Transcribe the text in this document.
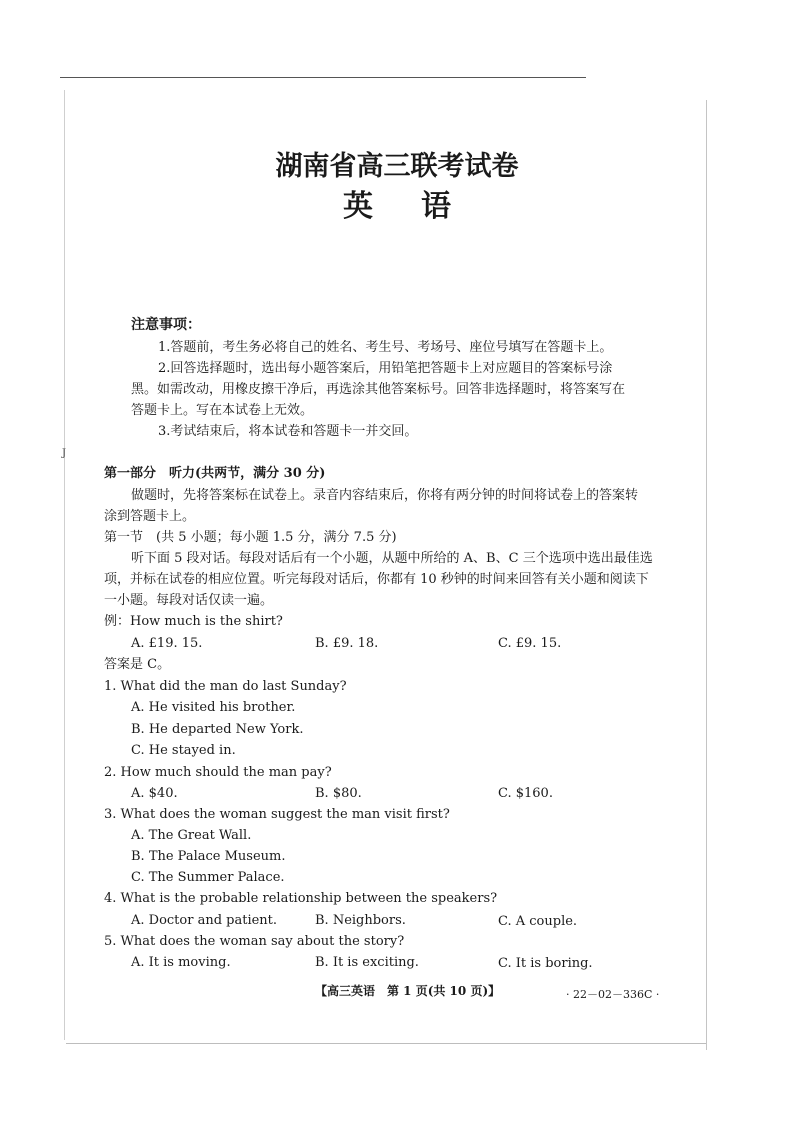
J
湖南省高三联考试卷
英语
注意事项：
1.答题前，考生务必将自己的姓名、考生号、考场号、座位号填写在答题卡上。
2.回答选择题时，选出每小题答案后，用铅笔把答题卡上对应题目的答案标号涂
黑。如需改动，用橡皮擦干净后，再选涂其他答案标号。回答非选择题时，将答案写在
答题卡上。写在本试卷上无效。
3.考试结束后，将本试卷和答题卡一并交回。
第一部分　听力(共两节，满分 30 分)
做题时，先将答案标在试卷上。录音内容结束后，你将有两分钟的时间将试卷上的答案转
涂到答题卡上。
第一节　(共 5 小题；每小题 1.5 分，满分 7.5 分)
听下面 5 段对话。每段对话后有一个小题，从题中所给的 A、B、C 三个选项中选出最佳选
项，并标在试卷的相应位置。听完每段对话后，你都有 10 秒钟的时间来回答有关小题和阅读下
一小题。每段对话仅读一遍。
例：How much is the shirt?
A. £19. 15.	B. £9. 18.	C. £9. 15.
答案是 C。
1. What did the man do last Sunday?
A. He visited his brother.
B. He departed New York.
C. He stayed in.
2. How much should the man pay?
A. $40.	B. $80.	C. $160.
3. What does the woman suggest the man visit first?
A. The Great Wall.
B. The Palace Museum.
C. The Summer Palace.
4. What is the probable relationship between the speakers?
A. Doctor and patient.	B. Neighbors.	C. A couple.
5. What does the woman say about the story?
A. It is moving.	B. It is exciting.	C. It is boring.
【高三英语　第 1 页(共 10 页)】	· 22－02－336C ·
